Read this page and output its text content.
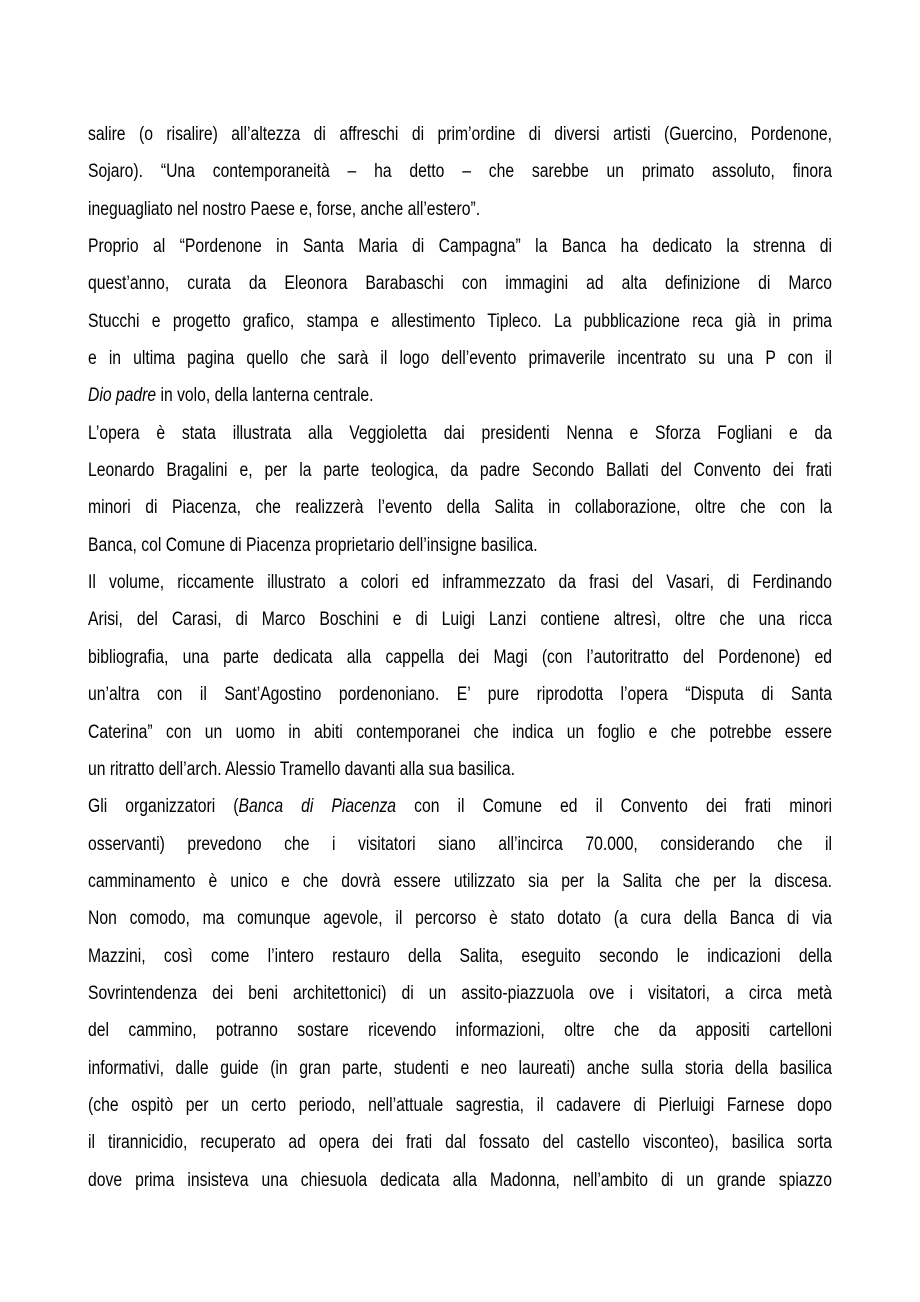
salire (o risalire) all’altezza di affreschi di prim’ordine di diversi artisti (Guercino, Pordenone,
Sojaro). “Una contemporaneità – ha detto – che sarebbe un primato assoluto, finora
ineguagliato nel nostro Paese e, forse, anche all’estero”.
Proprio al “Pordenone in Santa Maria di Campagna” la Banca ha dedicato la strenna di
quest’anno, curata da Eleonora Barabaschi con immagini ad alta definizione di Marco
Stucchi e progetto grafico, stampa e allestimento Tipleco. La pubblicazione reca già in prima
e in ultima pagina quello che sarà il logo dell’evento primaverile incentrato su una P con il
Dio padre in volo, della lanterna centrale.
L’opera è stata illustrata alla Veggioletta dai presidenti Nenna e Sforza Fogliani e da
Leonardo Bragalini e, per la parte teologica, da padre Secondo Ballati del Convento dei frati
minori di Piacenza, che realizzerà l’evento della Salita in collaborazione, oltre che con la
Banca, col Comune di Piacenza proprietario dell’insigne basilica.
Il volume, riccamente illustrato a colori ed inframmezzato da frasi del Vasari, di Ferdinando
Arisi, del Carasi, di Marco Boschini e di Luigi Lanzi contiene altresì, oltre che una ricca
bibliografia, una parte dedicata alla cappella dei Magi (con l’autoritratto del Pordenone) ed
un’altra con il Sant’Agostino pordenoniano. E’ pure riprodotta l’opera “Disputa di Santa
Caterina” con un uomo in abiti contemporanei che indica un foglio e che potrebbe essere
un ritratto dell’arch. Alessio Tramello davanti alla sua basilica.
Gli organizzatori (Banca di Piacenza con il Comune ed il Convento dei frati minori
osservanti) prevedono che i visitatori siano all’incirca 70.000, considerando che il
camminamento è unico e che dovrà essere utilizzato sia per la Salita che per la discesa.
Non comodo, ma comunque agevole, il percorso è stato dotato (a cura della Banca di via
Mazzini, così come l’intero restauro della Salita, eseguito secondo le indicazioni della
Sovrintendenza dei beni architettonici) di un assito-piazzuola ove i visitatori, a circa metà
del cammino, potranno sostare ricevendo informazioni, oltre che da appositi cartelloni
informativi, dalle guide (in gran parte, studenti e neo laureati) anche sulla storia della basilica
(che ospitò per un certo periodo, nell’attuale sagrestia, il cadavere di Pierluigi Farnese dopo
il tirannicidio, recuperato ad opera dei frati dal fossato del castello visconteo), basilica sorta
dove prima insisteva una chiesuola dedicata alla Madonna, nell’ambito di un grande spiazzo
